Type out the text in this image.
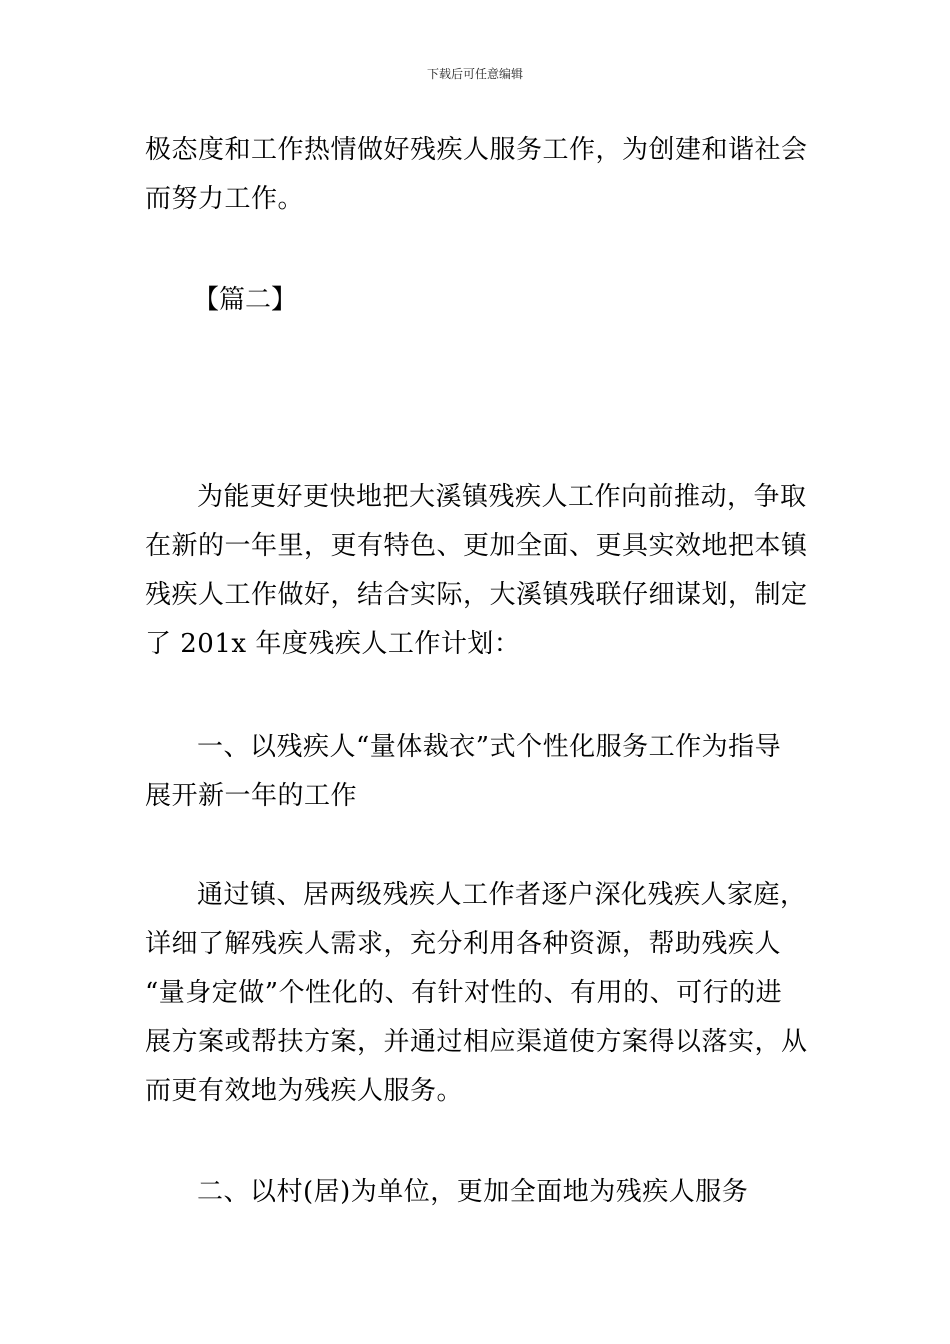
下载后可任意编辑
极态度和工作热情做好残疾人服务工作，为创建和谐社会
而努力工作。
【篇二】
为能更好更快地把大溪镇残疾人工作向前推动，争取
在新的一年里，更有特色、更加全面、更具实效地把本镇
残疾人工作做好，结合实际，大溪镇残联仔细谋划，制定
了 201x 年度残疾人工作计划：
一、以残疾人“量体裁衣”式个性化服务工作为指导
展开新一年的工作
通过镇、居两级残疾人工作者逐户深化残疾人家庭，
详细了解残疾人需求，充分利用各种资源，帮助残疾人
“量身定做”个性化的、有针对性的、有用的、可行的进
展方案或帮扶方案，并通过相应渠道使方案得以落实，从
而更有效地为残疾人服务。
二、以村(居)为单位，更加全面地为残疾人服务
